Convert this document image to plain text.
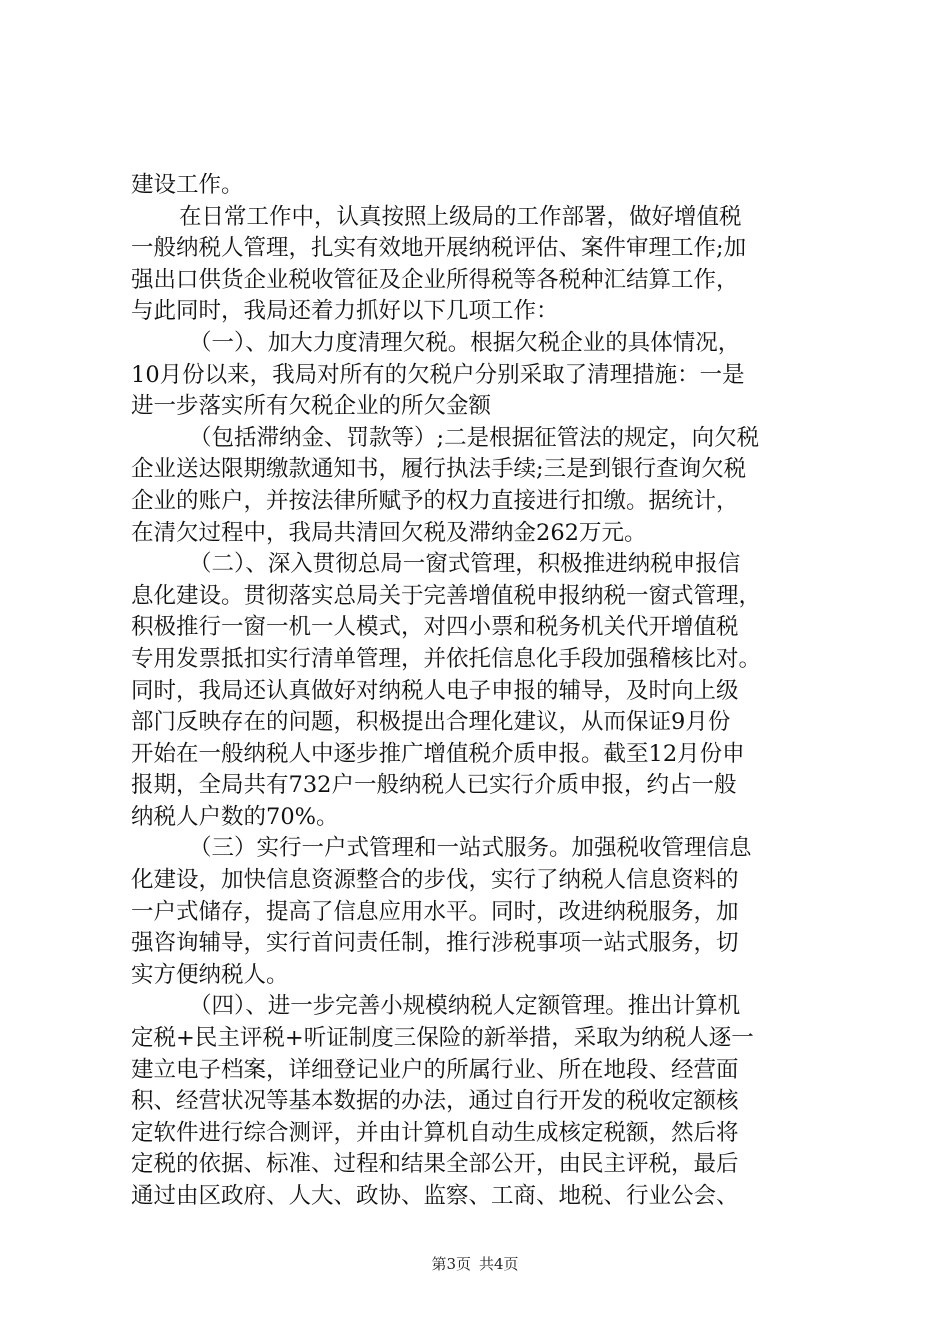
建设工作。
在日常工作中，认真按照上级局的工作部署，做好增值税
一般纳税人管理，扎实有效地开展纳税评估、案件审理工作;加
强出口供货企业税收管征及企业所得税等各税种汇结算工作，
与此同时，我局还着力抓好以下几项工作：
（一）、加大力度清理欠税。根据欠税企业的具体情况，
10月份以来，我局对所有的欠税户分别采取了清理措施：一是
进一步落实所有欠税企业的所欠金额
（包括滞纳金、罚款等）;二是根据征管法的规定，向欠税
企业送达限期缴款通知书，履行执法手续;三是到银行查询欠税
企业的账户，并按法律所赋予的权力直接进行扣缴。据统计，
在清欠过程中，我局共清回欠税及滞纳金262万元。
（二）、深入贯彻总局一窗式管理，积极推进纳税申报信
息化建设。贯彻落实总局关于完善增值税申报纳税一窗式管理，
积极推行一窗一机一人模式，对四小票和税务机关代开增值税
专用发票抵扣实行清单管理，并依托信息化手段加强稽核比对。
同时，我局还认真做好对纳税人电子申报的辅导，及时向上级
部门反映存在的问题，积极提出合理化建议，从而保证9月份
开始在一般纳税人中逐步推广增值税介质申报。截至12月份申
报期，全局共有732户一般纳税人已实行介质申报，约占一般
纳税人户数的70%。
（三）实行一户式管理和一站式服务。加强税收管理信息
化建设，加快信息资源整合的步伐，实行了纳税人信息资料的
一户式储存，提高了信息应用水平。同时，改进纳税服务，加
强咨询辅导，实行首问责任制，推行涉税事项一站式服务，切
实方便纳税人。
（四）、进一步完善小规模纳税人定额管理。推出计算机
定税+民主评税+听证制度三保险的新举措，采取为纳税人逐一
建立电子档案，详细登记业户的所属行业、所在地段、经营面
积、经营状况等基本数据的办法，通过自行开发的税收定额核
定软件进行综合测评，并由计算机自动生成核定税额，然后将
定税的依据、标准、过程和结果全部公开，由民主评税，最后
通过由区政府、人大、政协、监察、工商、地税、行业公会、
第3页 共4页
